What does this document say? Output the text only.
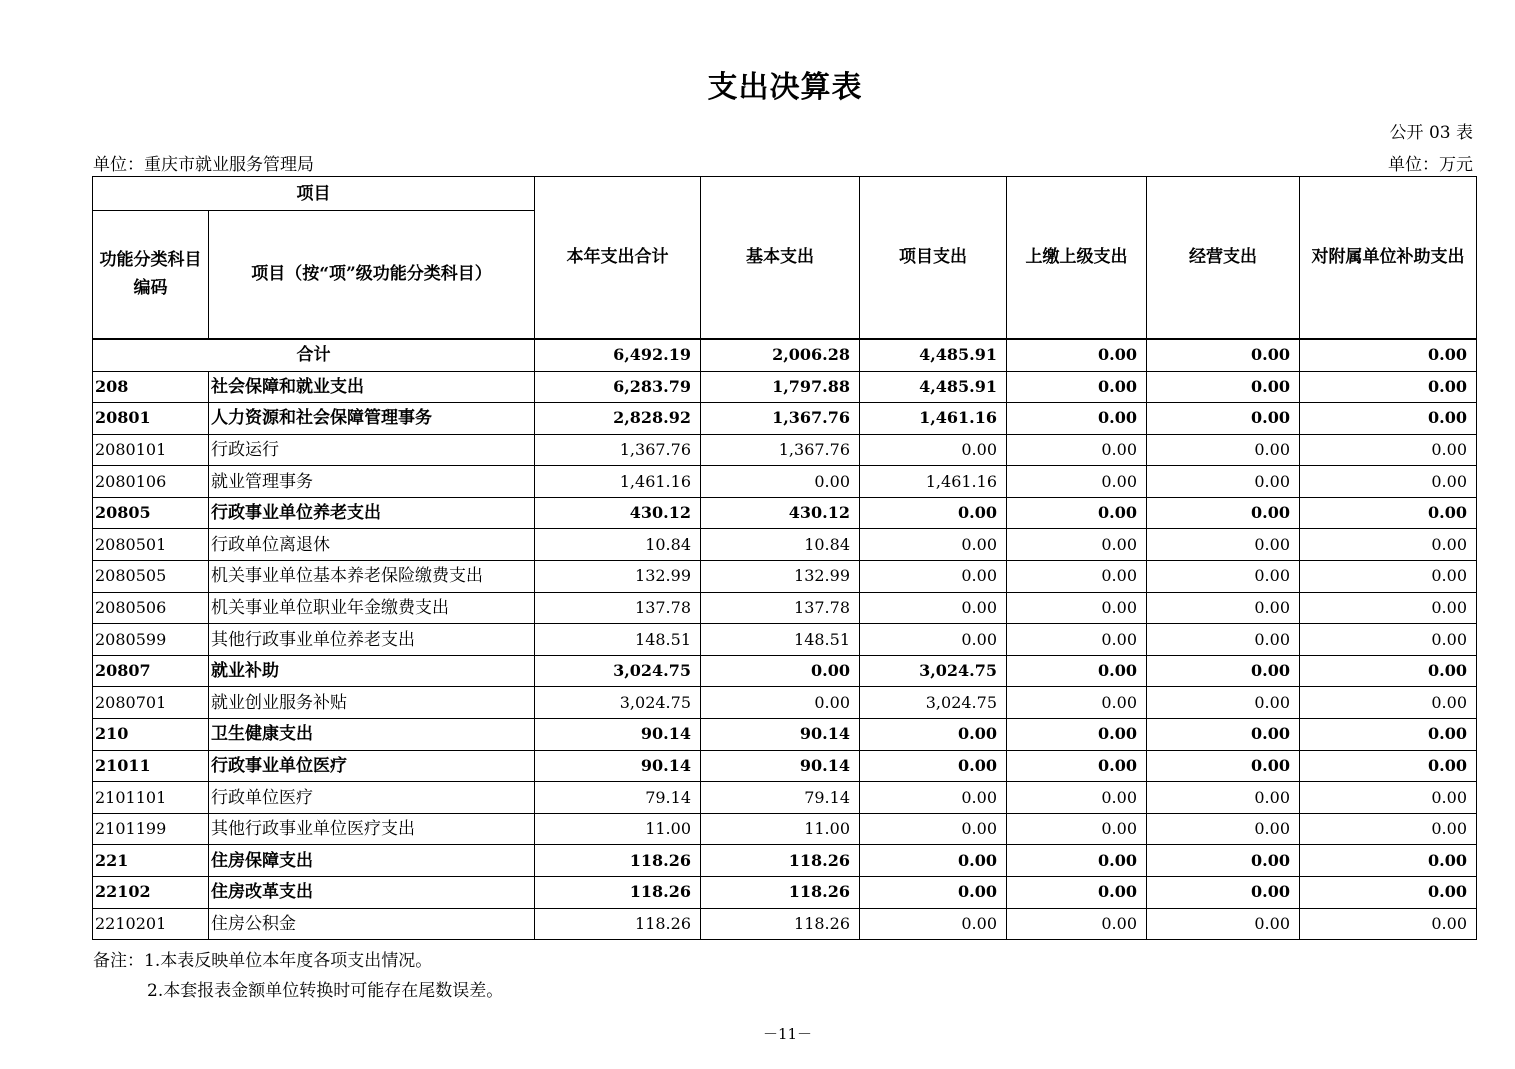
支出决算表
公开 03 表
单位：重庆市就业服务管理局	单位：万元
项目		本年支出合计	基本支出	项目支出	上缴上级支出	经营支出	对附属单位补助支出
功能分类科目编码	项目（按“项”级功能分类科目）						
合计		6,492.19	2,006.28	4,485.91	0.00	0.00	0.00
208	社会保障和就业支出	6,283.79	1,797.88	4,485.91	0.00	0.00	0.00
20801	人力资源和社会保障管理事务	2,828.92	1,367.76	1,461.16	0.00	0.00	0.00
2080101	行政运行	1,367.76	1,367.76	0.00	0.00	0.00	0.00
2080106	就业管理事务	1,461.16	0.00	1,461.16	0.00	0.00	0.00
20805	行政事业单位养老支出	430.12	430.12	0.00	0.00	0.00	0.00
2080501	行政单位离退休	10.84	10.84	0.00	0.00	0.00	0.00
2080505	机关事业单位基本养老保险缴费支出	132.99	132.99	0.00	0.00	0.00	0.00
2080506	机关事业单位职业年金缴费支出	137.78	137.78	0.00	0.00	0.00	0.00
2080599	其他行政事业单位养老支出	148.51	148.51	0.00	0.00	0.00	0.00
20807	就业补助	3,024.75	0.00	3,024.75	0.00	0.00	0.00
2080701	就业创业服务补贴	3,024.75	0.00	3,024.75	0.00	0.00	0.00
210	卫生健康支出	90.14	90.14	0.00	0.00	0.00	0.00
21011	行政事业单位医疗	90.14	90.14	0.00	0.00	0.00	0.00
2101101	行政单位医疗	79.14	79.14	0.00	0.00	0.00	0.00
2101199	其他行政事业单位医疗支出	11.00	11.00	0.00	0.00	0.00	0.00
221	住房保障支出	118.26	118.26	0.00	0.00	0.00	0.00
22102	住房改革支出	118.26	118.26	0.00	0.00	0.00	0.00
2210201	住房公积金	118.26	118.26	0.00	0.00	0.00	0.00
备注：1.本表反映单位本年度各项支出情况。
2.本套报表金额单位转换时可能存在尾数误差。
－11－
